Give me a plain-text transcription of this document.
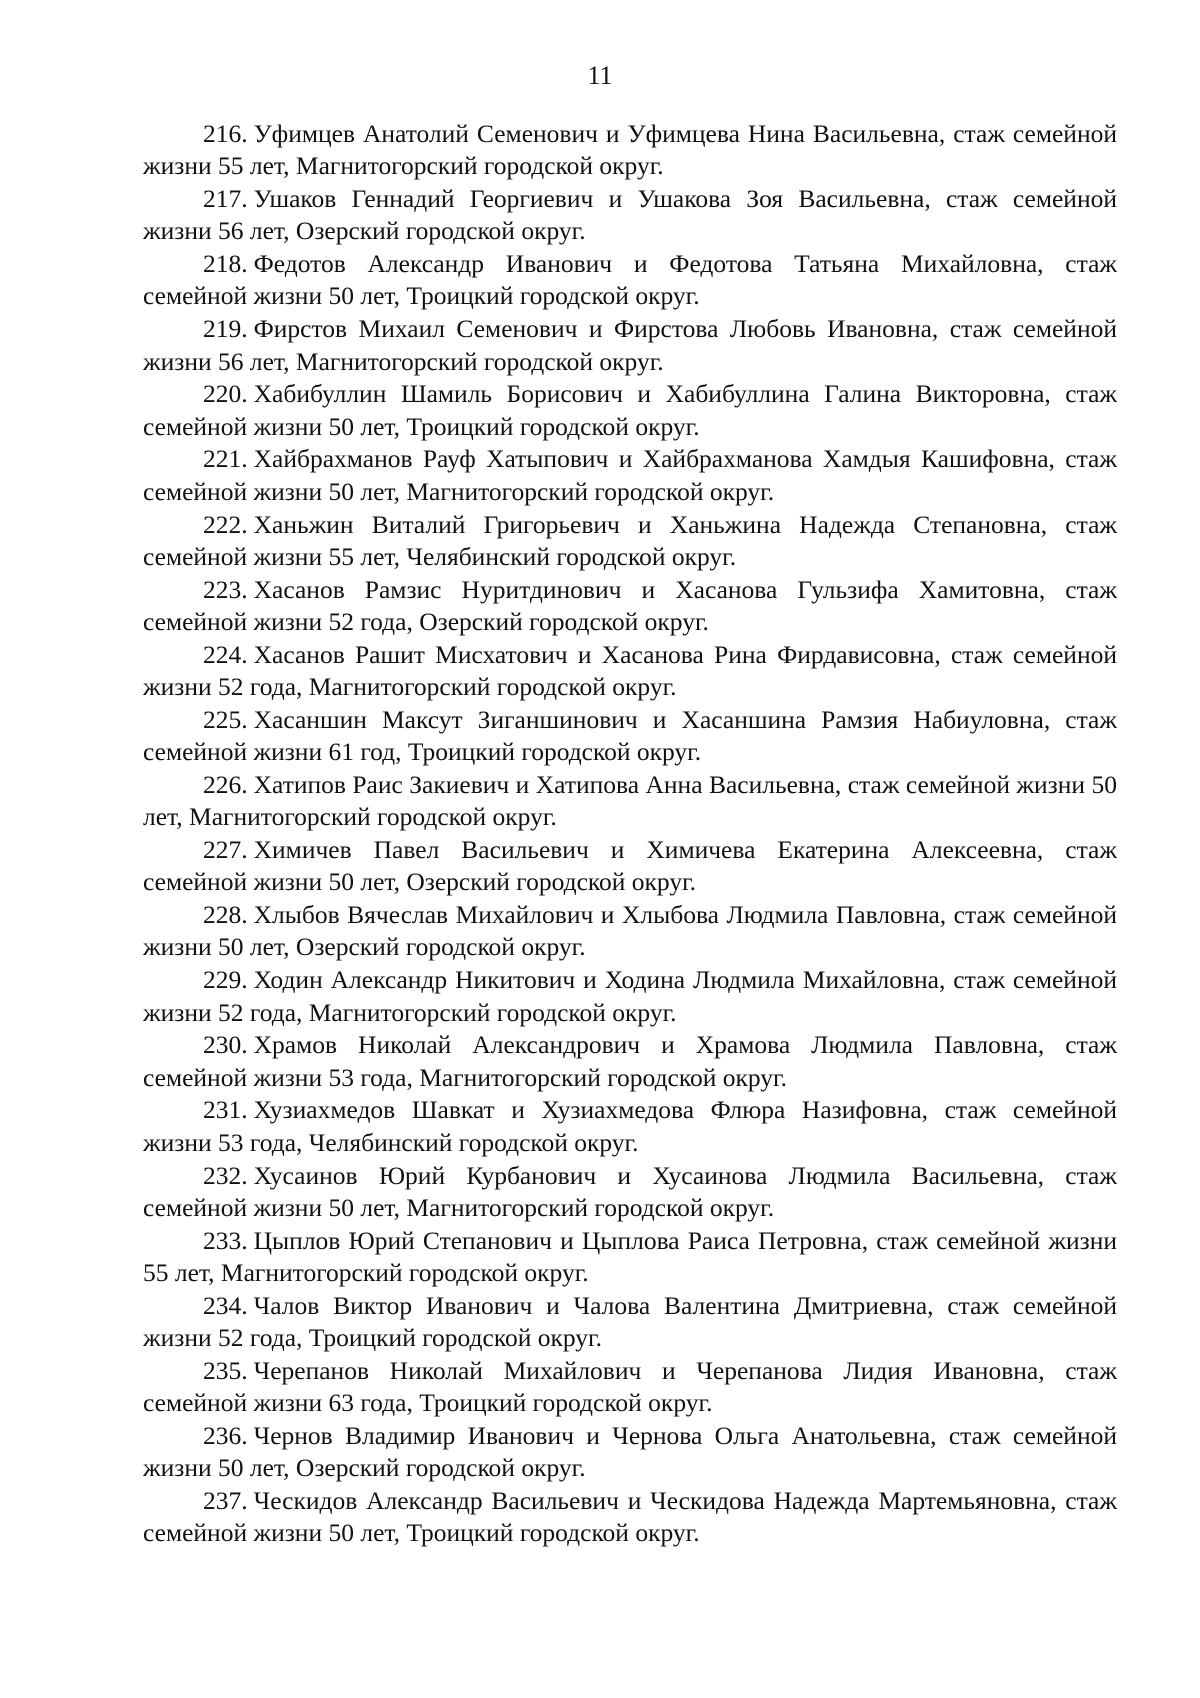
11

216. Уфимцев Анатолий Семенович и Уфимцева Нина Васильевна, стаж семейной жизни 55 лет, Магнитогорский городской округ.

217. Ушаков Геннадий Георгиевич и Ушакова Зоя Васильевна, стаж семейной жизни 56 лет, Озерский городской округ.

218. Федотов Александр Иванович и Федотова Татьяна Михайловна, стаж семейной жизни 50 лет, Троицкий городской округ.

219. Фирстов Михаил Семенович и Фирстова Любовь Ивановна, стаж семейной жизни 56 лет, Магнитогорский городской округ.

220. Хабибуллин Шамиль Борисович и Хабибуллина Галина Викторовна, стаж семейной жизни 50 лет, Троицкий городской округ.

221. Хайбрахманов Рауф Хатыпович и Хайбрахманова Хамдыя Кашифовна, стаж семейной жизни 50 лет, Магнитогорский городской округ.

222. Ханьжин Виталий Григорьевич и Ханьжина Надежда Степановна, стаж семейной жизни 55 лет, Челябинский городской округ.

223. Хасанов Рамзис Нуритдинович и Хасанова Гульзифа Хамитовна, стаж семейной жизни 52 года, Озерский городской округ.

224. Хасанов Рашит Мисхатович и Хасанова Рина Фирдависовна, стаж семейной жизни 52 года, Магнитогорский городской округ.

225. Хасаншин Максут Зиганшинович и Хасаншина Рамзия Набиуловна, стаж семейной жизни 61 год, Троицкий городской округ.

226. Хатипов Раис Закиевич и Хатипова Анна Васильевна, стаж семейной жизни 50 лет, Магнитогорский городской округ.

227. Химичев Павел Васильевич и Химичева Екатерина Алексеевна, стаж семейной жизни 50 лет, Озерский городской округ.

228. Хлыбов Вячеслав Михайлович и Хлыбова Людмила Павловна, стаж семейной жизни 50 лет, Озерский городской округ.

229. Ходин Александр Никитович и Ходина Людмила Михайловна, стаж семейной жизни 52 года, Магнитогорский городской округ.

230. Храмов Николай Александрович и Храмова Людмила Павловна, стаж семейной жизни 53 года, Магнитогорский городской округ.

231. Хузиахмедов Шавкат и Хузиахмедова Флюра Назифовна, стаж семейной жизни 53 года, Челябинский городской округ.

232. Хусаинов Юрий Курбанович и Хусаинова Людмила Васильевна, стаж семейной жизни 50 лет, Магнитогорский городской округ.

233. Цыплов Юрий Степанович и Цыплова Раиса Петровна, стаж семейной жизни 55 лет, Магнитогорский городской округ.

234. Чалов Виктор Иванович и Чалова Валентина Дмитриевна, стаж семейной жизни 52 года, Троицкий городской округ.

235. Черепанов Николай Михайлович и Черепанова Лидия Ивановна, стаж семейной жизни 63 года, Троицкий городской округ.

236. Чернов Владимир Иванович и Чернова Ольга Анатольевна, стаж семейной жизни 50 лет, Озерский городской округ.

237. Ческидов Александр Васильевич и Ческидова Надежда Мартемьяновна, стаж семейной жизни 50 лет, Троицкий городской округ.
